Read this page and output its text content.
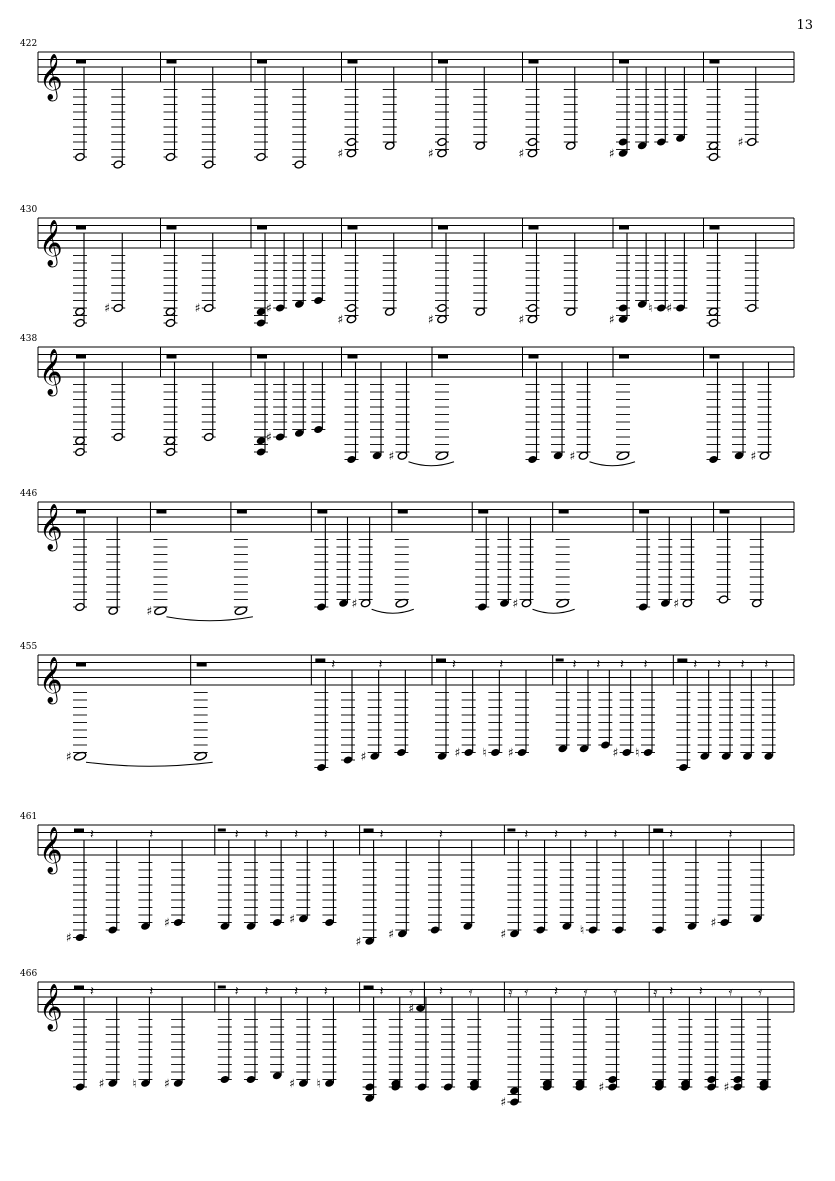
13
422
𝄞
♯	♯	♯	♯
♯
430
𝄞
♯	♯	♯
♯	♯	♯	♯
♮ ♯
438
𝄞
♯
♯	♯	♯
446
𝄞
♯
♯	♯	♯
455
𝄞
♯
𝄽	𝄽
♯
𝄽	𝄽
♯ ♮ ♯
𝄽 𝄽 𝄽 𝄽
♯ ♮
𝄽 𝄽 𝄽 𝄽
461
𝄞 𝄽	𝄽
♯
♯
𝄽 𝄽 𝄽 𝄽
♯
𝄽	𝄽
♯
♯
𝄽 𝄽 𝄽 𝄽
♯	♮
𝄽	𝄽
♯
466
𝄞 𝄽	𝄽
♯ ♮ ♯
𝄽 𝄽 𝄽 𝄽
♯ ♮
𝄽 𝄿 𝄽 𝄿
♯
𝄿 𝄿 𝄽 𝄿 𝄿
♯
♯
𝄿 𝄽 𝄽 𝄿 𝄿
♯
